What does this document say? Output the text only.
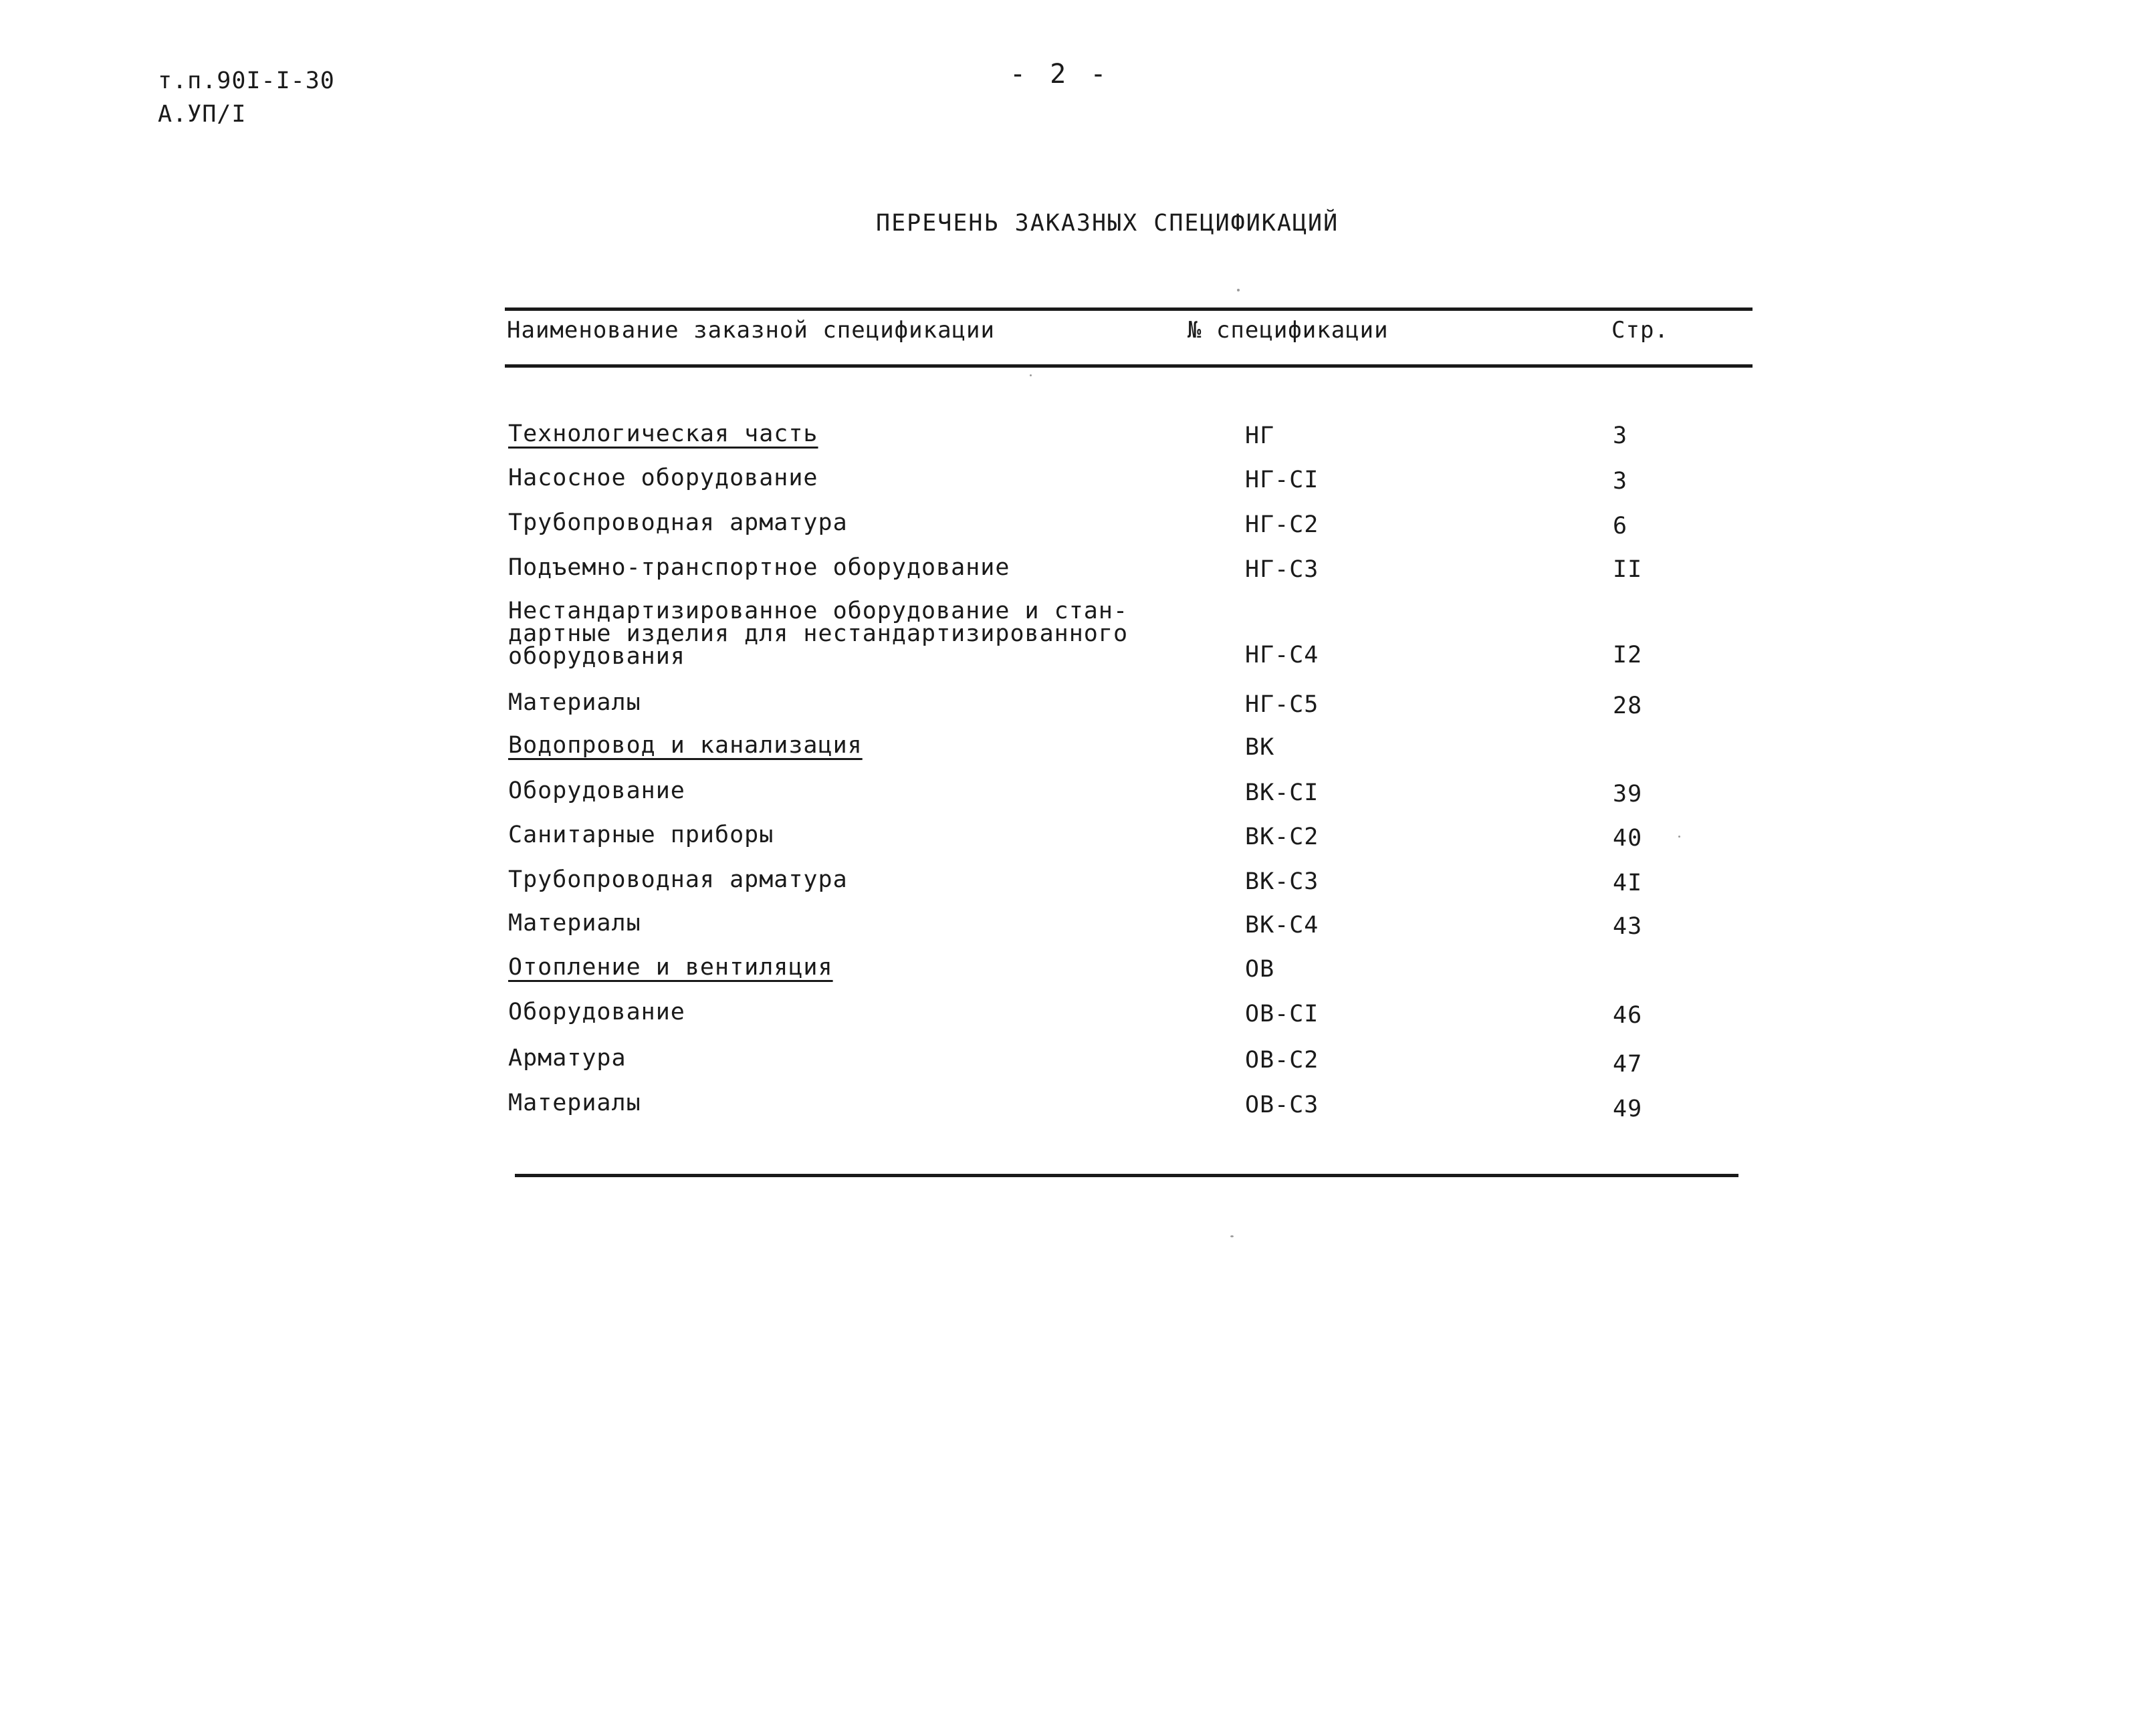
т.п.90I-I-30
А.УП/I
- 2 -
ПЕРЕЧЕНЬ ЗАКАЗНЫХ СПЕЦИФИКАЦИЙ
Наименование заказной спецификации	№ спецификации	Стр.
Технологическая часть	НГ	3
Насосное оборудование	НГ-СI	3
Трубопроводная арматура	НГ-С2	6
Подъемно-транспортное оборудование	НГ-С3	II
Нестандартизированное оборудование и стан-
дартные изделия для нестандартизированного
оборудования	НГ-С4	I2
Материалы	НГ-С5	28
Водопровод и канализация	ВК
Оборудование	ВК-СI	39
Санитарные приборы	ВК-С2	40
Трубопроводная арматура	ВК-С3	4I
Материалы	ВК-С4	43
Отопление и вентиляция	ОВ
Оборудование	ОВ-СI	46
Арматура	ОВ-С2	47
Материалы	ОВ-С3	49
